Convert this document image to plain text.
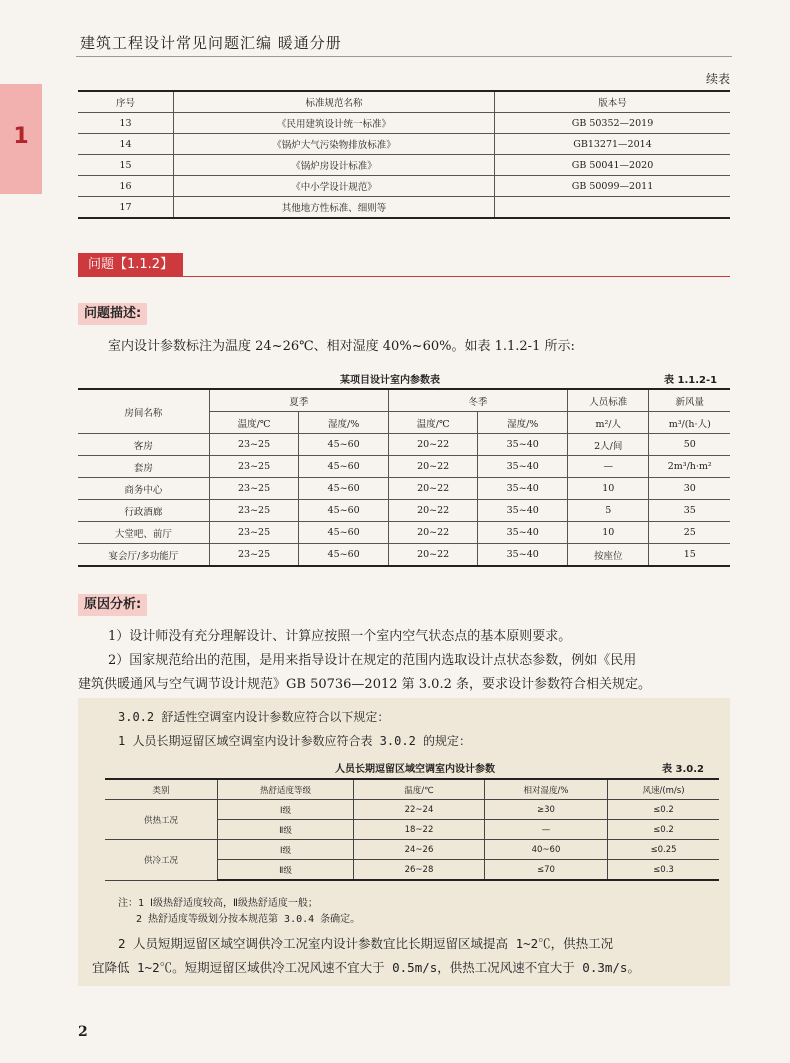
建筑工程设计常见问题汇编 暖通分册
1
续表
序号	标准规范名称	版本号
13	《民用建筑设计统一标准》	GB 50352—2019
14	《锅炉大气污染物排放标准》	GB13271—2014
15	《锅炉房设计标准》	GB 50041—2020
16	《中小学设计规范》	GB 50099—2011
17	其他地方性标准、细则等	
问题【1.1.2】
问题描述:
室内设计参数标注为温度 24~26℃、相对湿度 40%~60%。如表 1.1.2-1 所示:
某项目设计室内参数表	表 1.1.2-1
房间名称	夏季		冬季		人员标准	新风量
	温度/℃	湿度/%	温度/℃	湿度/%	m²/人	m³/(h·人)
客房	23~25	45~60	20~22	35~40	2人/间	50
套房	23~25	45~60	20~22	35~40	—	2m³/h·m²
商务中心	23~25	45~60	20~22	35~40	10	30
行政酒廊	23~25	45~60	20~22	35~40	5	35
大堂吧、前厅	23~25	45~60	20~22	35~40	10	25
宴会厅/多功能厅	23~25	45~60	20~22	35~40	按座位	15
原因分析:
1）设计师没有充分理解设计、计算应按照一个室内空气状态点的基本原则要求。
2）国家规范给出的范围，是用来指导设计在规定的范围内选取设计点状态参数，例如《民用
建筑供暖通风与空气调节设计规范》GB 50736—2012 第 3.0.2 条，要求设计参数符合相关规定。
3.0.2 舒适性空调室内设计参数应符合以下规定：
1 人员长期逗留区域空调室内设计参数应符合表 3.0.2 的规定：
人员长期逗留区域空调室内设计参数	表 3.0.2
类别	热舒适度等级	温度/℃	相对湿度/%	风速/(m/s)
供热工况	Ⅰ级	22~24	≥30	≤0.2
	Ⅱ级	18~22	—	≤0.2
供冷工况	Ⅰ级	24~26	40~60	≤0.25
	Ⅱ级	26~28	≤70	≤0.3
注：1 Ⅰ级热舒适度较高，Ⅱ级热舒适度一般；
2 热舒适度等级划分按本规范第 3.0.4 条确定。
2 人员短期逗留区域空调供冷工况室内设计参数宜比长期逗留区域提高 1~2℃，供热工况
宜降低 1~2℃。短期逗留区域供冷工况风速不宜大于 0.5m/s，供热工况风速不宜大于 0.3m/s。
2
